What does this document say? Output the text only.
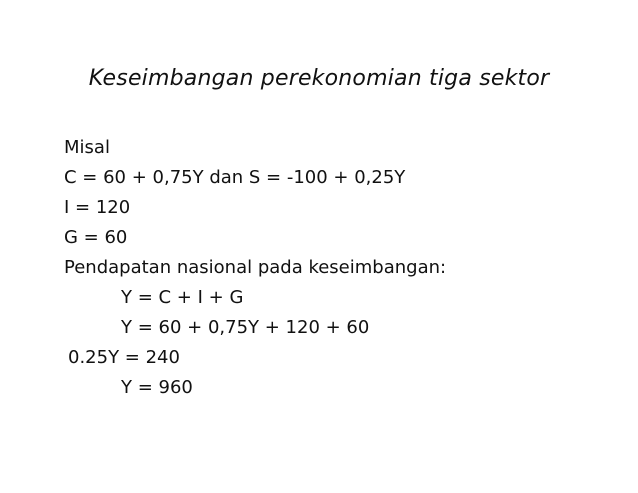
Keseimbangan perekonomian tiga sektor
Misal
C = 60 + 0,75Y dan S = -100 + 0,25Y
I = 120
G = 60
Pendapatan nasional pada keseimbangan:
Y = C + I + G
Y = 60 + 0,75Y + 120 + 60
0.25Y = 240
Y = 960
